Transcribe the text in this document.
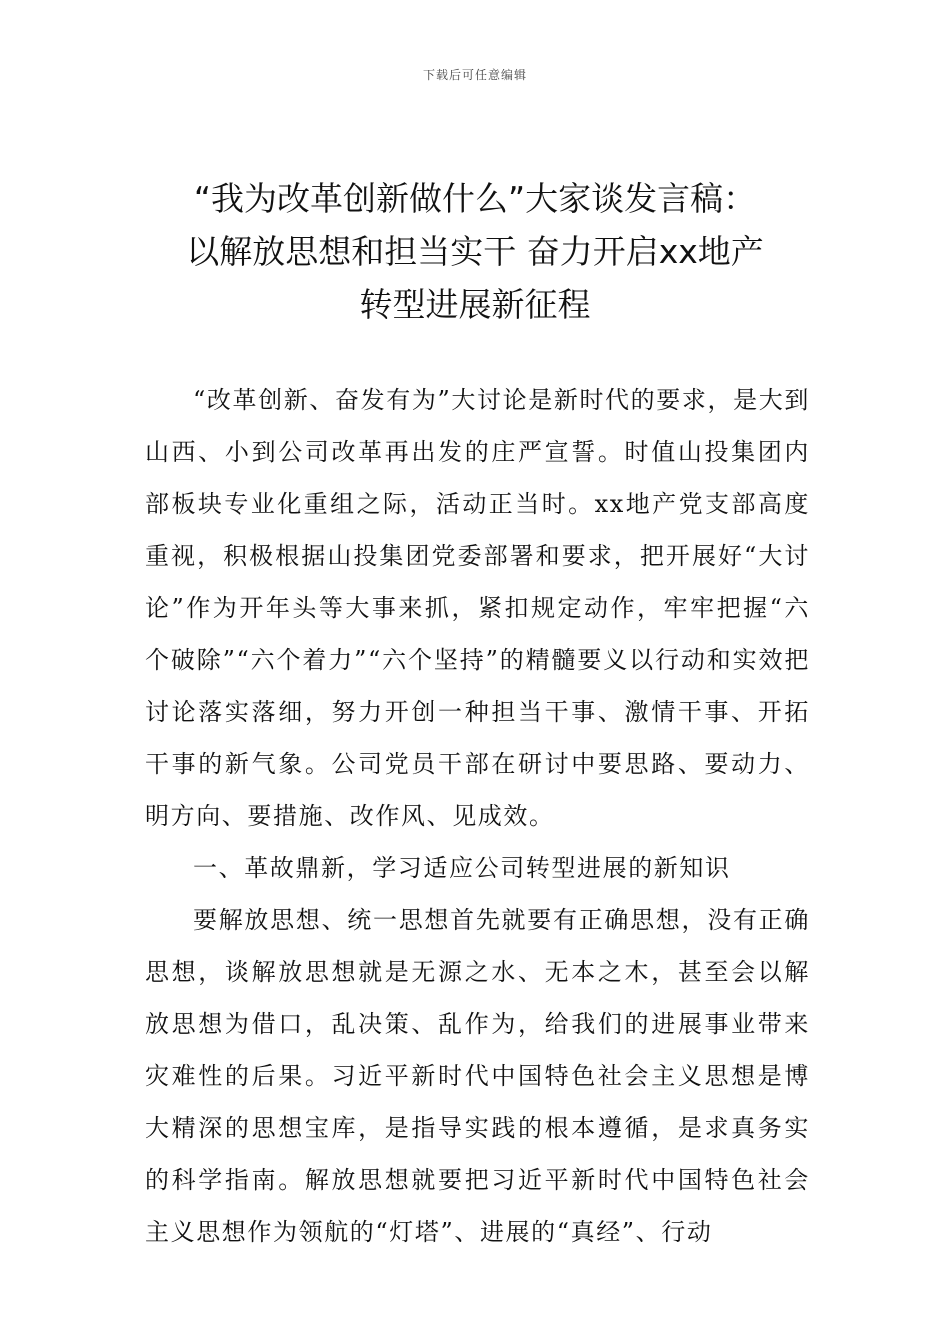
下载后可任意编辑
“我为改革创新做什么”大家谈发言稿：
以解放思想和担当实干 奋力开启xx地产
转型进展新征程

“改革创新、奋发有为”大讨论是新时代的要求，是大到山西、小到公司改革再出发的庄严宣誓。时值山投集团内部板块专业化重组之际，活动正当时。xx地产党支部高度重视，积极根据山投集团党委部署和要求，把开展好“大讨论”作为开年头等大事来抓，紧扣规定动作，牢牢把握“六个破除”“六个着力”“六个坚持”的精髓要义以行动和实效把讨论落实落细，努力开创一种担当干事、激情干事、开拓干事的新气象。公司党员干部在研讨中要思路、要动力、明方向、要措施、改作风、见成效。

一、革故鼎新，学习适应公司转型进展的新知识

要解放思想、统一思想首先就要有正确思想，没有正确思想，谈解放思想就是无源之水、无本之木，甚至会以解放思想为借口，乱决策、乱作为，给我们的进展事业带来灾难性的后果。习近平新时代中国特色社会主义思想是博大精深的思想宝库，是指导实践的根本遵循，是求真务实的科学指南。解放思想就要把习近平新时代中国特色社会主义思想作为领航的“灯塔”、进展的“真经”、行动
